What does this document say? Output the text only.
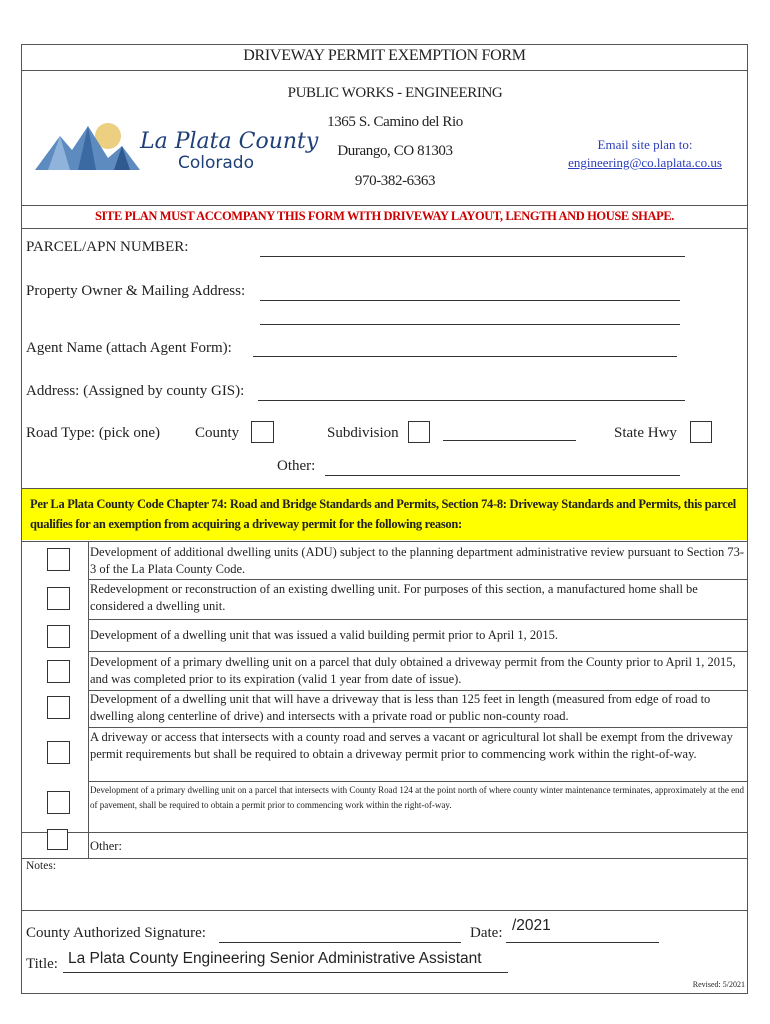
DRIVEWAY PERMIT EXEMPTION FORM
La Plata County
Colorado
PUBLIC WORKS - ENGINEERING
1365 S. Camino del Rio
Durango, CO 81303
970-382-6363
Email site plan to:
engineering@co.laplata.co.us
SITE PLAN MUST ACCOMPANY THIS FORM WITH DRIVEWAY LAYOUT, LENGTH AND HOUSE SHAPE.
PARCEL/APN NUMBER:
Property Owner & Mailing Address:
Agent Name (attach Agent Form):
Address: (Assigned by county GIS):
Road Type: (pick one) County	Subdivision	State Hwy
Other:
Per La Plata County Code Chapter 74: Road and Bridge Standards and Permits, Section 74-8: Driveway Standards and Permits, this parcel qualifies for an exemption from acquiring a driveway permit for the following reason:
Development of additional dwelling units (ADU) subject to the planning department administrative review pursuant to Section 73-3 of the La Plata County Code.
Redevelopment or reconstruction of an existing dwelling unit. For purposes of this section, a manufactured home shall be considered a dwelling unit.
Development of a dwelling unit that was issued a valid building permit prior to April 1, 2015.
Development of a primary dwelling unit on a parcel that duly obtained a driveway permit from the County prior to April 1, 2015, and was completed prior to its expiration (valid 1 year from date of issue).
Development of a dwelling unit that will have a driveway that is less than 125 feet in length (measured from edge of road to dwelling along centerline of drive) and intersects with a private road or public non-county road.
A driveway or access that intersects with a county road and serves a vacant or agricultural lot shall be exempt from the driveway permit requirements but shall be required to obtain a driveway permit prior to commencing work within the right-of-way.
Development of a primary dwelling unit on a parcel that intersects with County Road 124 at the point north of where county winter maintenance terminates, approximately at the end of pavement, shall be required to obtain a permit prior to commencing work within the right-of-way.
Other:
Notes:
County Authorized Signature:	Date: /2021
Title: La Plata County Engineering Senior Administrative Assistant
Revised: 5/2021
